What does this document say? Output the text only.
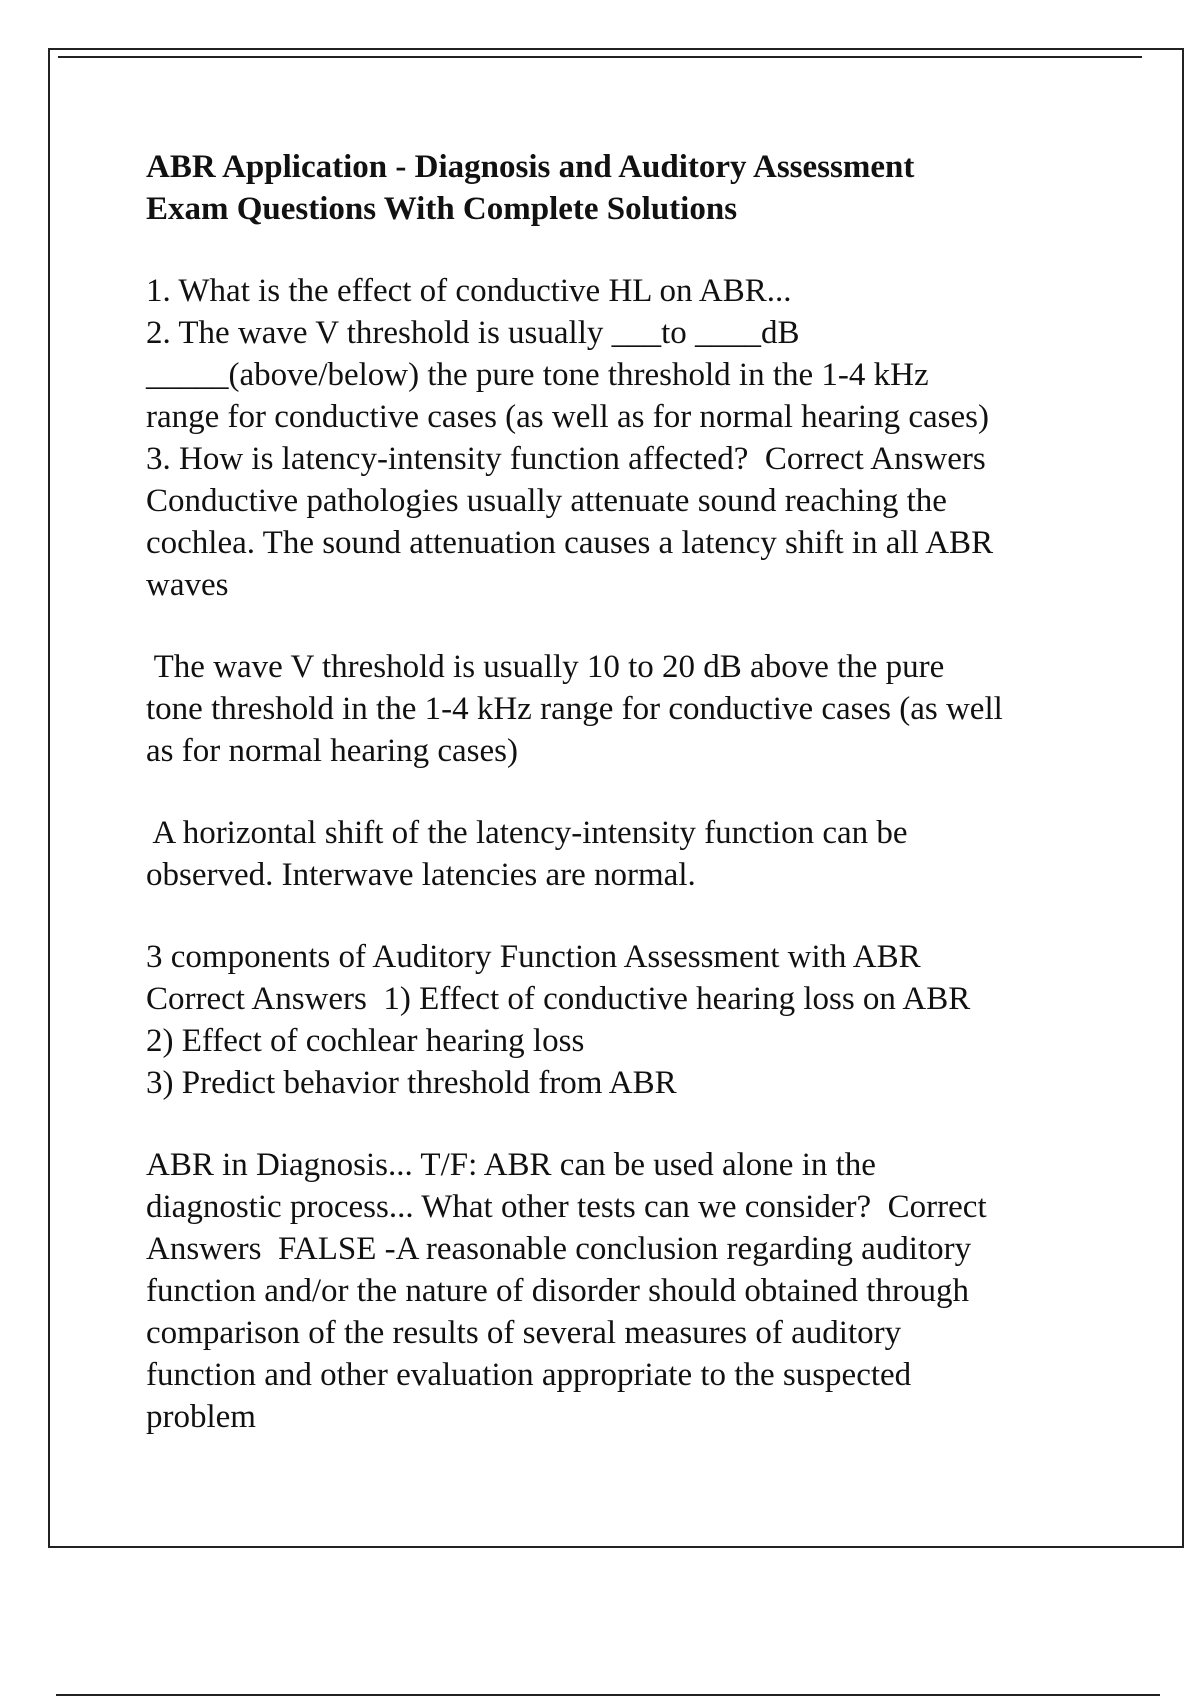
ABR Application - Diagnosis and Auditory Assessment
Exam Questions With Complete Solutions
1. What is the effect of conductive HL on ABR...
2. The wave V threshold is usually ___to ____dB
_____(above/below) the pure tone threshold in the 1-4 kHz
range for conductive cases (as well as for normal hearing cases)
3. How is latency-intensity function affected?  Correct Answers
Conductive pathologies usually attenuate sound reaching the
cochlea. The sound attenuation causes a latency shift in all ABR
waves
The wave V threshold is usually 10 to 20 dB above the pure
tone threshold in the 1-4 kHz range for conductive cases (as well
as for normal hearing cases)
A horizontal shift of the latency-intensity function can be
observed. Interwave latencies are normal.
3 components of Auditory Function Assessment with ABR
Correct Answers  1) Effect of conductive hearing loss on ABR
2) Effect of cochlear hearing loss
3) Predict behavior threshold from ABR
ABR in Diagnosis... T/F: ABR can be used alone in the
diagnostic process... What other tests can we consider?  Correct
Answers  FALSE -A reasonable conclusion regarding auditory
function and/or the nature of disorder should obtained through
comparison of the results of several measures of auditory
function and other evaluation appropriate to the suspected
problem
